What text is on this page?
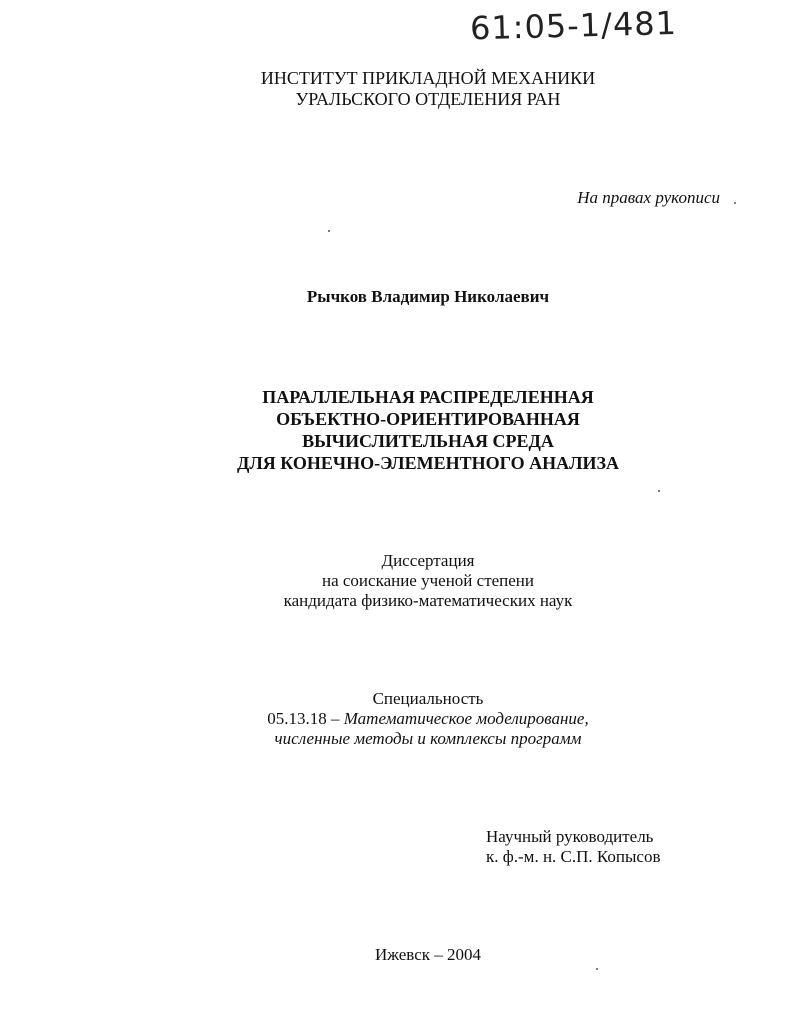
61:05-1/481
ИНСТИТУТ ПРИКЛАДНОЙ МЕХАНИКИ
УРАЛЬСКОГО ОТДЕЛЕНИЯ РАН
На правах рукописи
Рычков Владимир Николаевич
ПАРАЛЛЕЛЬНАЯ РАСПРЕДЕЛЕННАЯ
ОБЪЕКТНО-ОРИЕНТИРОВАННАЯ
ВЫЧИСЛИТЕЛЬНАЯ СРЕДА
ДЛЯ КОНЕЧНО-ЭЛЕМЕНТНОГО АНАЛИЗА
Диссертация
на соискание ученой степени
кандидата физико-математических наук
Специальность
05.13.18 – Математическое моделирование,
численные методы и комплексы программ
Научный руководитель
к. ф.-м. н. С.П. Копысов
Ижевск – 2004
